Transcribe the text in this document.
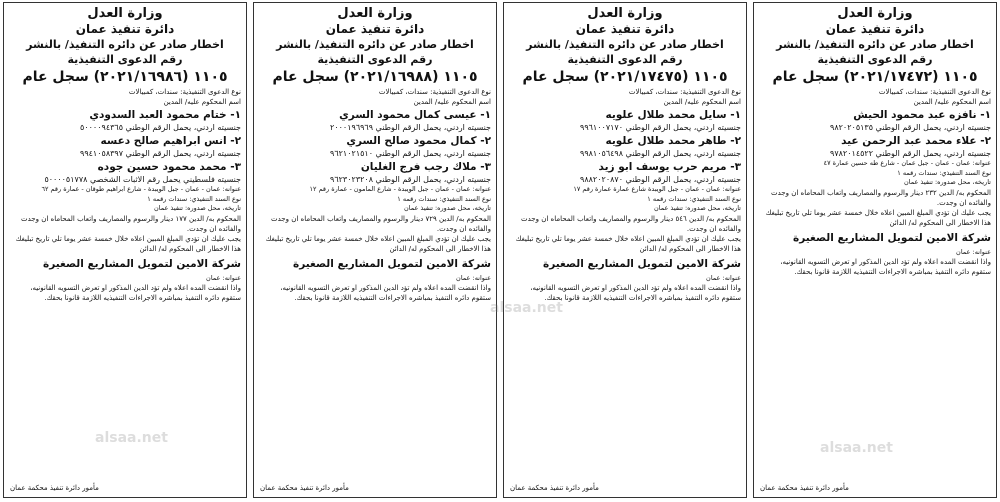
وزارة العدل
دائرة تنفيذ عمان
اخطار صادر عن دائره التنفيذ/ بالنشر
رقم الدعوى التنفيذية
١١٠٥ (٢٠٢١/١٧٤٧٢) سجل عام
نوع الدعوى التنفيذية: سندات، كمبيالات
اسم المحكوم عليه/ المدين
١- نافزه عبد محمود الحيش
جنسيته اردني، يحمل الرقم الوطني ٩٨٢٠٢٠٥١٣٥
٢- علاء محمد عبد الرحمن عيد
جنسيته اردني، يحمل الرقم الوطني ٩٧٨٢٠١٤٥٢٢
عنوانه: عمان - عمان - جبل عمان - شارع طه حسين عمارة ٤٧
نوع السند التنفيذي: سندات رقمه ١
تاريخه، محل صدوره: تنفيذ عمان
المحكوم به/ الدين ٢٣٢ دينار والرسوم والمصاريف واتعاب المحاماه ان وجدت والفائده ان وجدت.
يجب عليك ان تؤدي المبلغ المبين اعلاه خلال خمسة عشر يوما تلي تاريخ تبليغك هذا الاخطار الى المحكوم له/ الدائن
شركة الامين لتمويل المشاريع الصغيرة
عنوانه: عمان
واذا انقضت المده اعلاه ولم تؤد الدين المذكور او تعرض التسويه القانونيه، ستقوم دائره التنفيذ بمباشره الاجراءات التنفيذيه اللازمة قانونا بحقك.
مأمور دائرة تنفيذ محكمة عمان
وزارة العدل
دائرة تنفيذ عمان
اخطار صادر عن دائره التنفيذ/ بالنشر
رقم الدعوى التنفيذية
١١٠٥ (٢٠٢١/١٧٤٧٥) سجل عام
نوع الدعوى التنفيذية: سندات، كمبيالات
اسم المحكوم عليه/ المدين
١- سايل محمد طلال علويه
جنسيته اردني، يحمل الرقم الوطني ٩٩٦١٠٠٧١٧٠
٢- طاهر محمد طلال علويه
جنسيته اردني، يحمل الرقم الوطني ٩٩٨١٠٥٦٤٩٨
٣- مريم حرب يوسف ابو زيد
جنسيته اردني، يحمل الرقم الوطني ٩٨٨٢٠٢٠٨٧٠
عنوانه: عمان - عمان - جبل الويبدة شارع عمارة عمارة رقم ١٧
نوع السند التنفيذي: سندات رقمه ١
تاريخه، محل صدوره: تنفيذ عمان
المحكوم به/ الدين ٥٤٦ دينار والرسوم والمصاريف واتعاب المحاماه ان وجدت والفائده ان وجدت.
يجب عليك ان تؤدي المبلغ المبين اعلاه خلال خمسة عشر يوما تلي تاريخ تبليغك هذا الاخطار الى المحكوم له/ الدائن
شركة الامين لتمويل المشاريع الصغيرة
عنوانه: عمان
واذا انقضت المده اعلاه ولم تؤد الدين المذكور او تعرض التسويه القانونيه، ستقوم دائره التنفيذ بمباشره الاجراءات التنفيذيه اللازمة قانونا بحقك.
مأمور دائرة تنفيذ محكمة عمان
وزارة العدل
دائرة تنفيذ عمان
اخطار صادر عن دائره التنفيذ/ بالنشر
رقم الدعوى التنفيذية
١١٠٥ (٢٠٢١/١٦٩٨٨) سجل عام
نوع الدعوى التنفيذية: سندات، كمبيالات
اسم المحكوم عليه/ المدين
١- عيسى كمال محمود السري
جنسيته اردني، يحمل الرقم الوطني ٢٠٠٠١٩٦٩٦٩
٢- كمال محمود صالح السري
جنسيته اردني، يحمل الرقم الوطني ٩٦٢١٠٢١٥١٠
٣- ملاك رجب فرج الغليان
جنسيته اردني، يحمل الرقم الوطني ٩٦٢٣٠٢٣٢٠٨
عنوانه: عمان - عمان - جبل الويبدة - شارع المامون - عمارة رقم ١٢
نوع السند التنفيذي: سندات رقمه ١
تاريخه، محل صدوره: تنفيذ عمان
المحكوم به/ الدين ٧٢٩ دينار والرسوم والمصاريف واتعاب المحاماه ان وجدت والفائده ان وجدت.
يجب عليك ان تؤدي المبلغ المبين اعلاه خلال خمسة عشر يوما تلي تاريخ تبليغك هذا الاخطار الى المحكوم له/ الدائن
شركة الامين لتمويل المشاريع الصغيرة
عنوانه: عمان
واذا انقضت المده اعلاه ولم تؤد الدين المذكور او تعرض التسويه القانونيه، ستقوم دائره التنفيذ بمباشره الاجراءات التنفيذيه اللازمة قانونا بحقك.
مأمور دائرة تنفيذ محكمة عمان
وزارة العدل
دائرة تنفيذ عمان
اخطار صادر عن دائره التنفيذ/ بالنشر
رقم الدعوى التنفيذية
١١٠٥ (٢٠٢١/١٦٩٨٦) سجل عام
نوع الدعوى التنفيذية: سندات، كمبيالات
اسم المحكوم عليه/ المدين
١- ختام محمود العبد السدودي
جنسيته اردني، يحمل الرقم الوطني ٥٠٠٠٠٩٤٣٦٥
٢- انس ابراهيم صالح دعسه
جنسيته اردني، يحمل الرقم الوطني ٩٩٤١٠٥٨٣٩٧
٣- محمد محمود حسين جوده
جنسيته فلسطيني يحمل رقم الاثبات الشخصي ٥٠٠٠٠٥١٧٧٨
عنوانه: عمان - عمان - جبل الويبدة - شارع ابراهيم طوقان - عمارة رقم ٦٢
نوع السند التنفيذي: سندات رقمه ١
تاريخه، محل صدوره: تنفيذ عمان
المحكوم به/ الدين ١٧٧ دينار والرسوم والمصاريف واتعاب المحاماه ان وجدت والفائده ان وجدت.
يجب عليك ان تؤدي المبلغ المبين اعلاه خلال خمسة عشر يوما تلي تاريخ تبليغك هذا الاخطار الى المحكوم له/ الدائن
شركة الامين لتمويل المشاريع الصغيرة
عنوانه: عمان
واذا انقضت المده اعلاه ولم تؤد الدين المذكور او تعرض التسويه القانونيه، ستقوم دائره التنفيذ بمباشره الاجراءات التنفيذيه اللازمة قانونا بحقك.
مأمور دائرة تنفيذ محكمة عمان
alsaa.net
alsaa.net
alsaa.net
